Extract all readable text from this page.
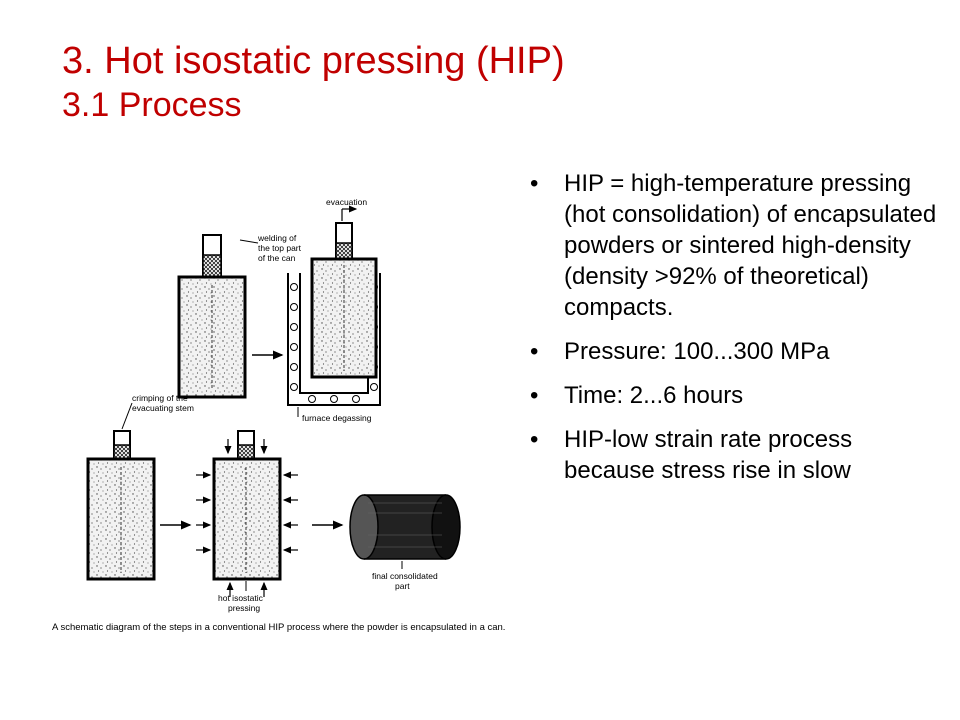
3. Hot isostatic pressing (HIP)
3.1 Process
welding of
the top part
of the can
evacuation
furnace degassing
crimping of the
evacuating stem
hot isostatic
pressing
final consolidated
part
A schematic diagram of the steps in a conventional HIP process where the powder is encapsulated in a can.
• HIP = high-temperature pressing (hot consolidation) of encapsulated powders or sintered high-density (density >92% of theoretical) compacts.
• Pressure: 100...300 MPa
• Time: 2...6 hours
• HIP-low strain rate process because stress rise in slow
